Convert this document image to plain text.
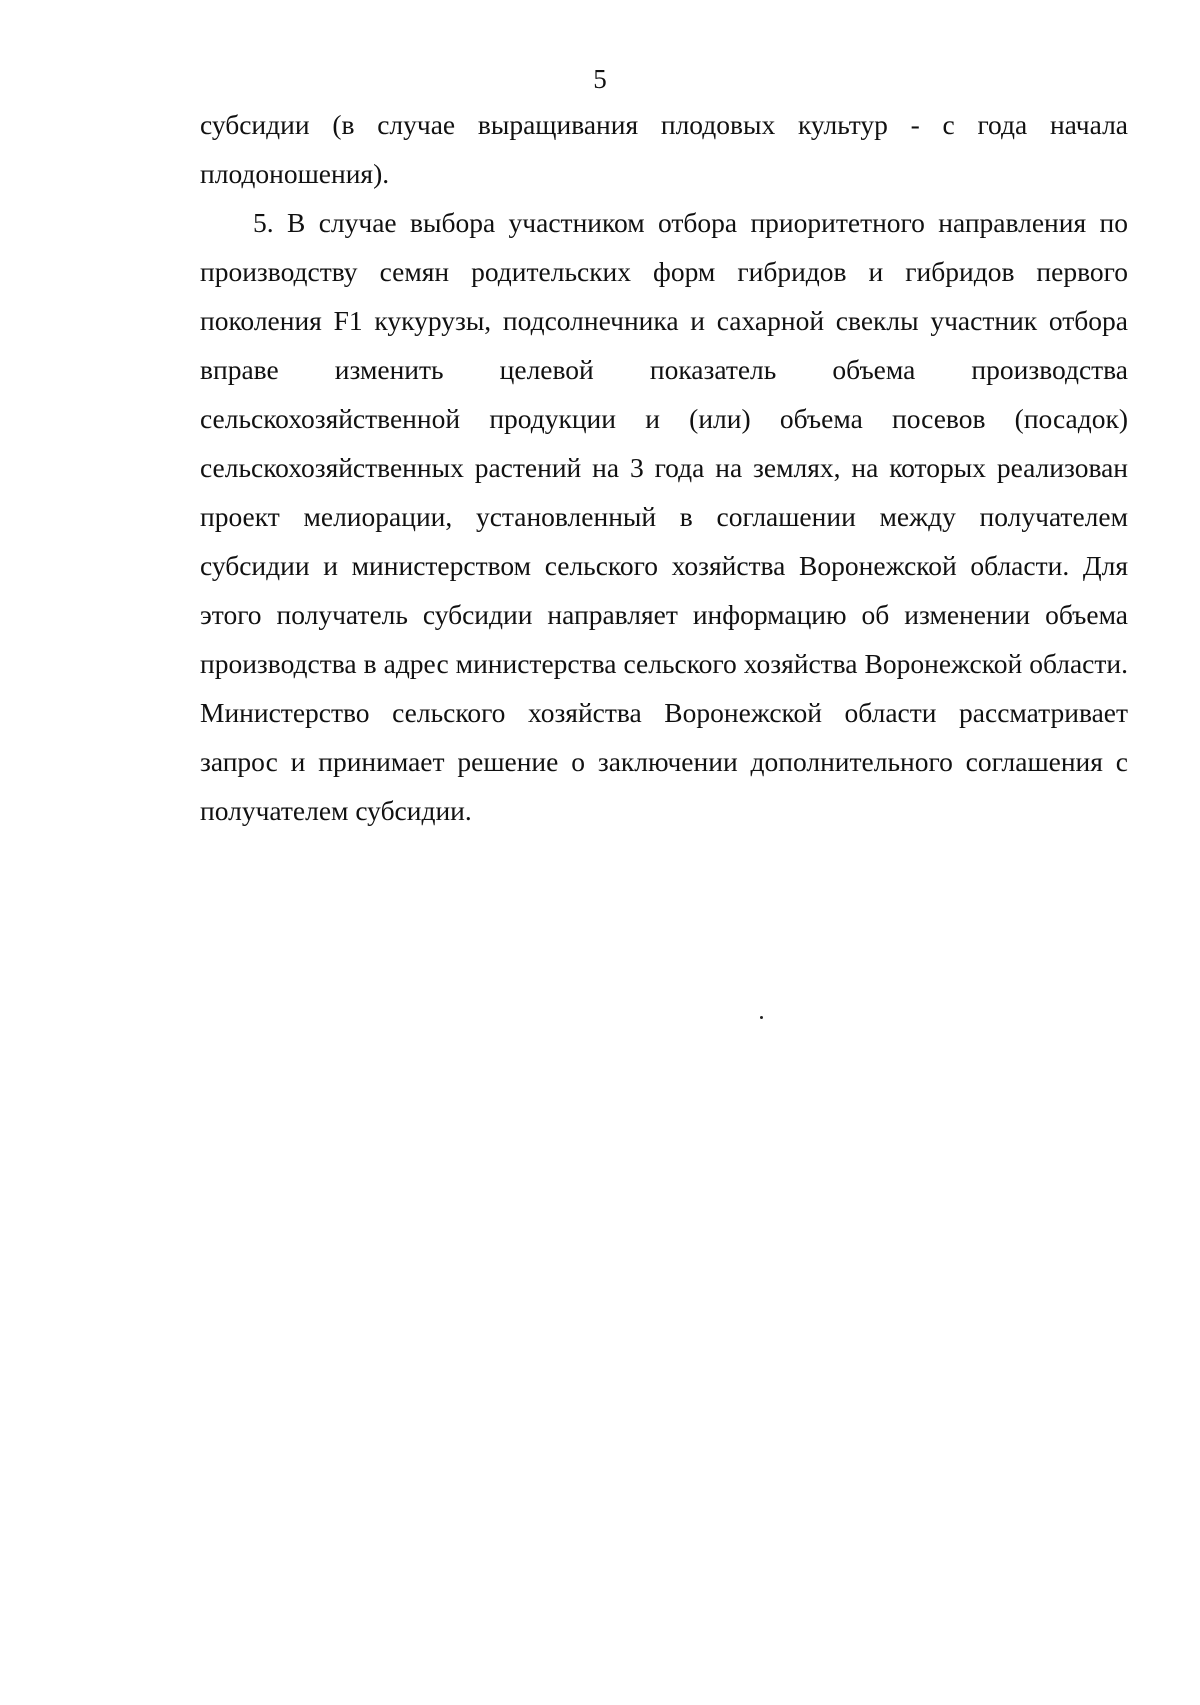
5

субсидии (в случае выращивания плодовых культур - с года начала плодоношения).

5. В случае выбора участником отбора приоритетного направления по производству семян родительских форм гибридов и гибридов первого поколения F1 кукурузы, подсолнечника и сахарной свеклы участник отбора вправе изменить целевой показатель объема производства сельскохозяйственной продукции и (или) объема посевов (посадок) сельскохозяйственных растений на 3 года на землях, на которых реализован проект мелиорации, установленный в соглашении между получателем субсидии и министерством сельского хозяйства Воронежской области. Для этого получатель субсидии направляет информацию об изменении объема производства в адрес министерства сельского хозяйства Воронежской области. Министерство сельского хозяйства Воронежской области рассматривает запрос и принимает решение о заключении дополнительного соглашения с получателем субсидии.
